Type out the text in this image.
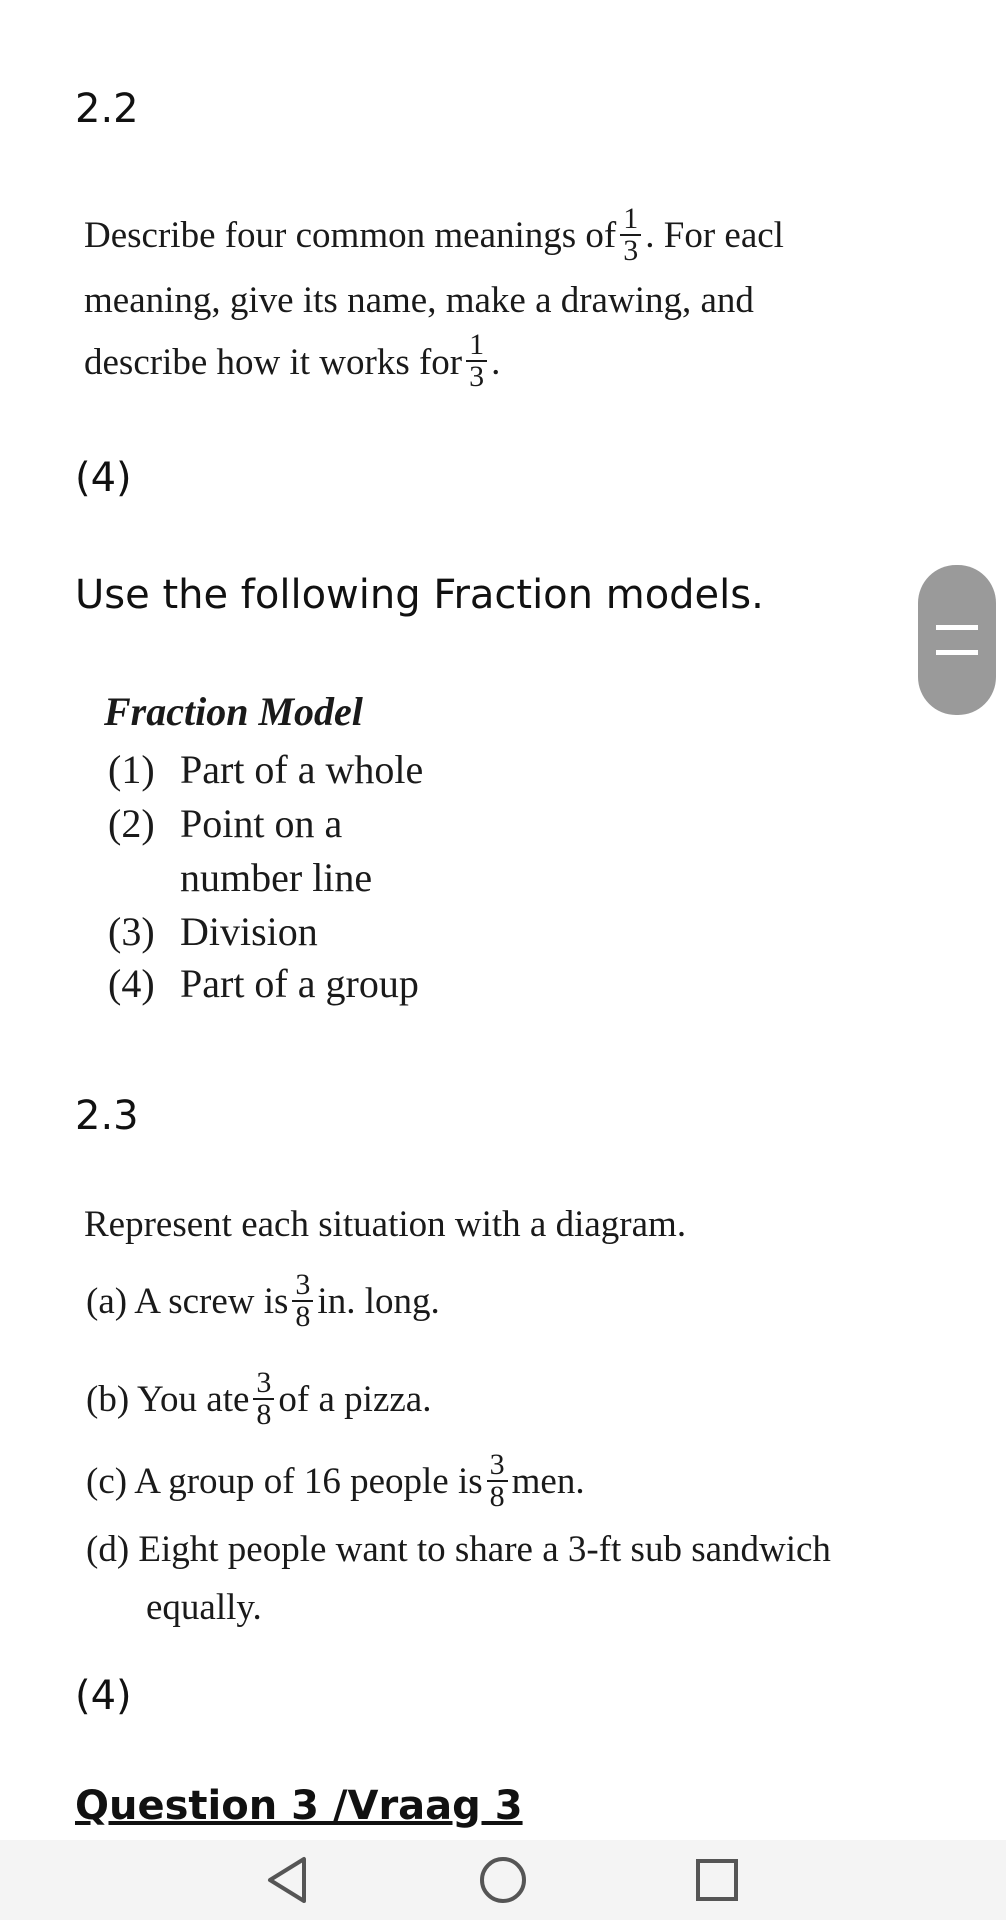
2.2
Describe four common meanings of $\frac{1}{3}$ . For eacl
meaning, give its name, make a drawing, and
describe how it works for $\frac{1}{3}$ .
(4)
Use the following Fraction models.
Fraction Model
(1) Part of a whole
(2) Point on a
number line
(3) Division
(4) Part of a group
2.3
Represent each situation with a diagram.
(a) A screw is $\frac{3}{8}$ in. long.
(b) You ate $\frac{3}{8}$ of a pizza.
(c) A group of 16 people is $\frac{3}{8}$ men.
(d) Eight people want to share a 3-ft sub sandwich
equally.
(4)
Question 3 /Vraag 3
